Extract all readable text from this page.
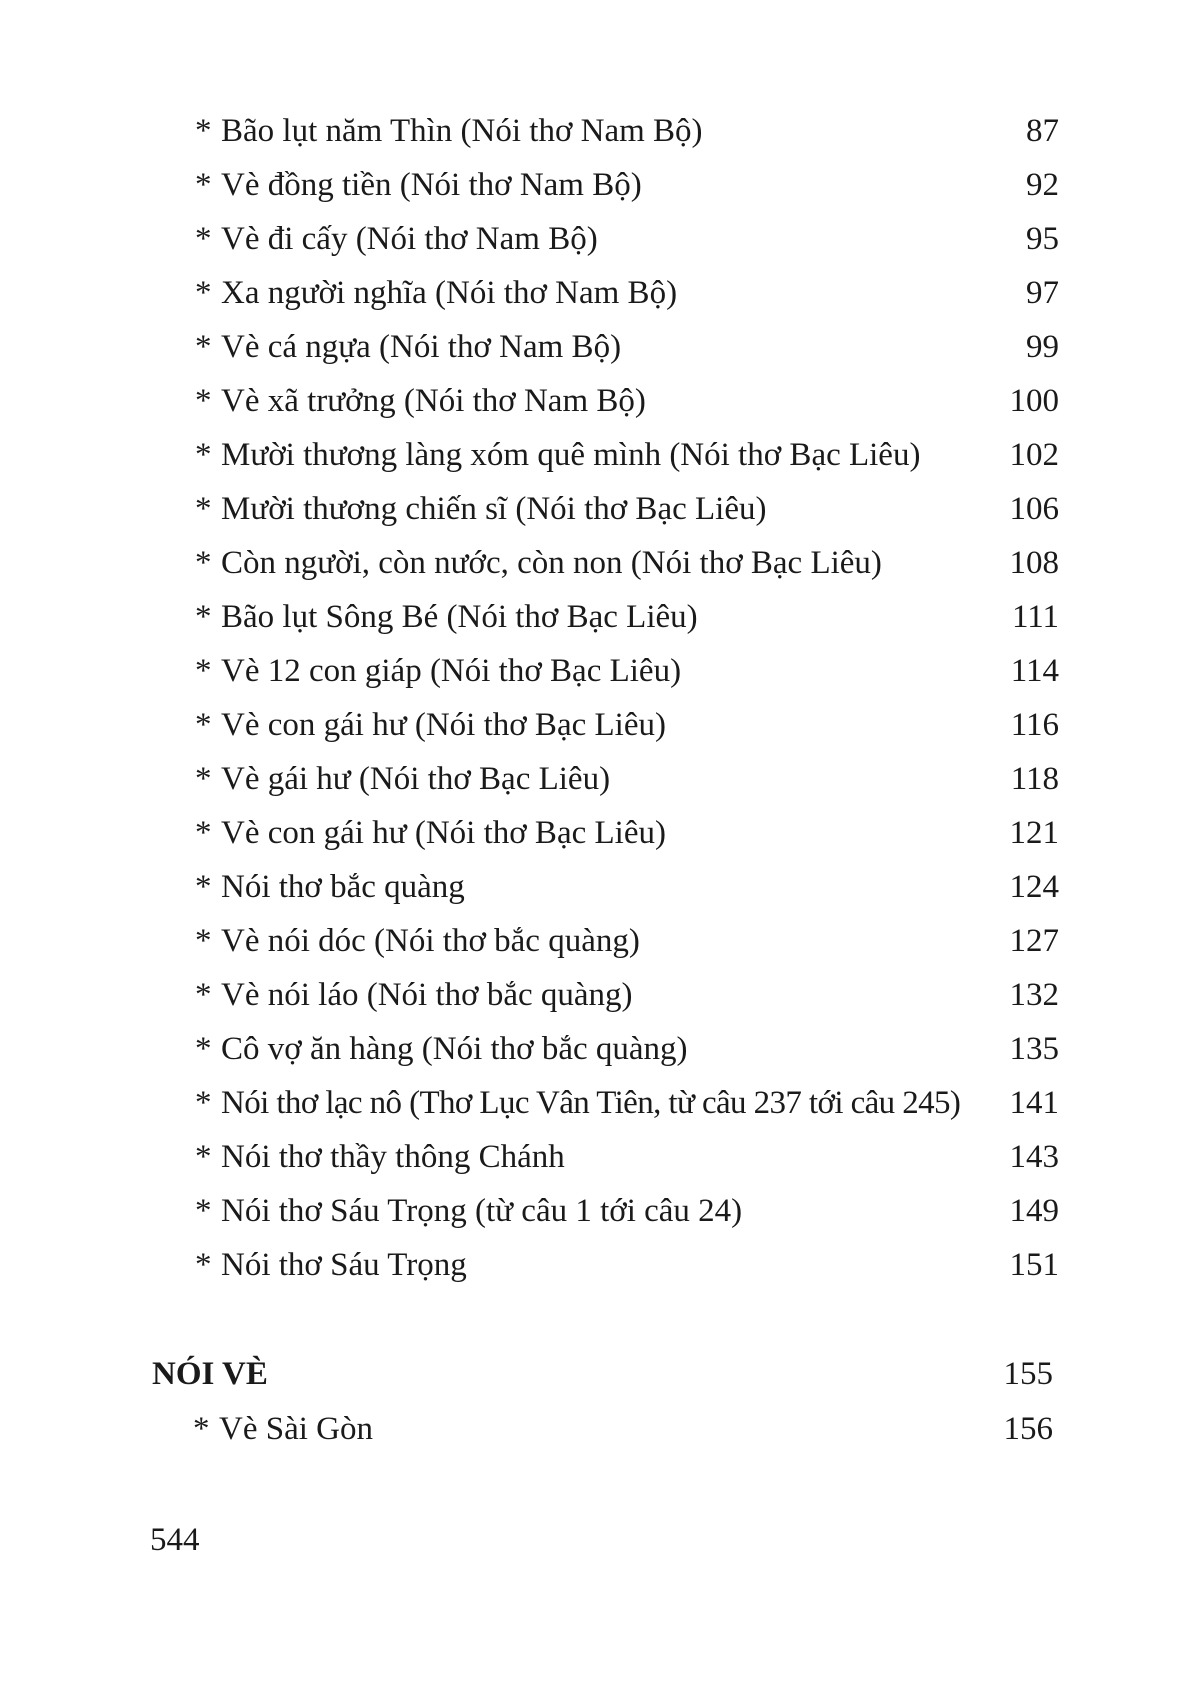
* Bão lụt năm Thìn (Nói thơ Nam Bộ)	87
* Vè đồng tiền (Nói thơ Nam Bộ)	92
* Vè đi cấy (Nói thơ Nam Bộ)	95
* Xa người nghĩa (Nói thơ Nam Bộ)	97
* Vè cá ngựa (Nói thơ Nam Bộ)	99
* Vè xã trưởng (Nói thơ Nam Bộ)	100
* Mười thương làng xóm quê mình (Nói thơ Bạc Liêu)	102
* Mười thương chiến sĩ (Nói thơ Bạc Liêu)	106
* Còn người, còn nước, còn non (Nói thơ Bạc Liêu)	108
* Bão lụt Sông Bé (Nói thơ Bạc Liêu)	111
* Vè 12 con giáp (Nói thơ Bạc Liêu)	114
* Vè con gái hư (Nói thơ Bạc Liêu)	116
* Vè gái hư (Nói thơ Bạc Liêu)	118
* Vè con gái hư (Nói thơ Bạc Liêu)	121
* Nói thơ bắc quàng	124
* Vè nói dóc (Nói thơ bắc quàng)	127
* Vè nói láo (Nói thơ bắc quàng)	132
* Cô vợ ăn hàng (Nói thơ bắc quàng)	135
* Nói thơ lạc nô (Thơ Lục Vân Tiên, từ câu 237 tới câu 245) 141
* Nói thơ thầy thông Chánh	143
* Nói thơ Sáu Trọng (từ câu 1 tới câu 24)	149
* Nói thơ Sáu Trọng	151
NÓI VÈ	155
* Vè Sài Gòn	156
544
